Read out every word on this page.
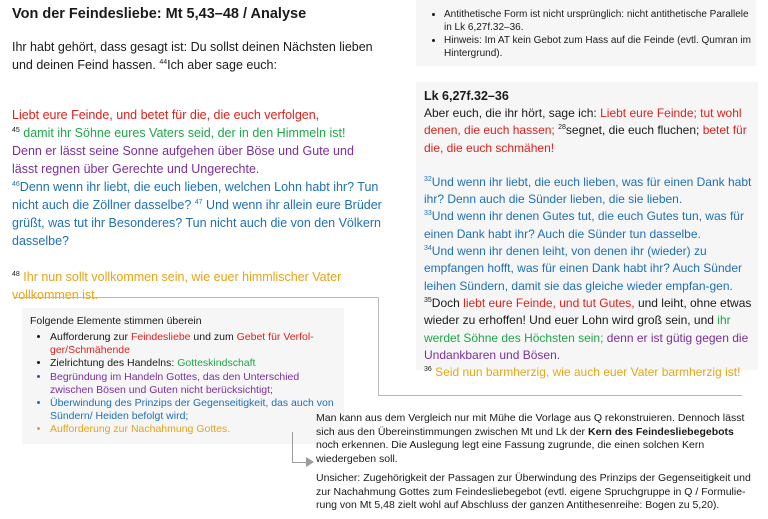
Von der Feindesliebe: Mt 5,43–48 / Analyse
Ihr habt gehört, dass gesagt ist: Du sollst deinen Nächsten lieben und deinen Feind hassen. $^{44}$Ich aber sage euch:

Liebt eure Feinde, und betet für die, die euch verfolgen,
$^{45}$ damit ihr Söhne eures Vaters seid, der in den Himmeln ist!
Denn er lässt seine Sonne aufgehen über Böse und Gute und lässt regnen über Gerechte und Ungerechte.
$^{46}$Denn wenn ihr liebt, die euch lieben, welchen Lohn habt ihr? Tun nicht auch die Zöllner dasselbe? $^{47}$ Und wenn ihr allein eure Brüder grüßt, was tut ihr Besonderes? Tun nicht auch die von den Völkern dasselbe?

$^{48}$ Ihr nun sollt vollkommen sein, wie euer himmlischer Vater vollkommen ist.

• Antithetische Form ist nicht ursprünglich: nicht antithetische Parallele in Lk 6,27f.32–36.
• Hinweis: Im AT kein Gebot zum Hass auf die Feinde (evtl. Qumran im Hintergrund).
Lk 6,27f.32–36

Aber euch, die ihr hört, sage ich: Liebt eure Feinde; tut wohl denen, die euch hassen; $^{28}$segnet, die euch fluchen; betet für die, die euch schmähen!

$^{32}$Und wenn ihr liebt, die euch lieben, was für einen Dank habt ihr? Denn auch die Sünder lieben, die sie lieben.
$^{33}$Und wenn ihr denen Gutes tut, die euch Gutes tun, was für einen Dank habt ihr? Auch die Sünder tun dasselbe.
$^{34}$Und wenn ihr denen leiht, von denen ihr (wieder) zu empfangen hofft, was für einen Dank habt ihr? Auch Sünder leihen Sündern, damit sie das gleiche wieder empfan-gen. $^{35}$Doch liebt eure Feinde, und tut Gutes, und leiht, ohne etwas wieder zu erhoffen! Und euer Lohn wird groß sein, und ihr werdet Söhne des Höchsten sein; denn er ist gütig gegen die Undankbaren und Bösen.
$^{36}$ Seid nun barmherzig, wie auch euer Vater barmherzig ist!

Folgende Elemente stimmen überein
• Aufforderung zur Feindesliebe und zum Gebet für Verfol-ger/Schmähende
• Zielrichtung des Handelns: Gotteskindschaft
• Begründung im Handeln Gottes, das den Unterschied zwischen Bösen und Guten nicht berücksichtigt;
• Überwindung des Prinzips der Gegenseitigkeit, das auch von Sündern/ Heiden befolgt wird;
• Aufforderung zur Nachahmung Gottes.

Man kann aus dem Vergleich nur mit Mühe die Vorlage aus Q rekonstruieren. Dennoch lässt sich aus den Übereinstimmungen zwischen Mt und Lk der Kern des Feindesliebegebots noch erkennen. Die Auslegung legt eine Fassung zugrunde, die einen solchen Kern wiedergeben soll.

Unsicher: Zugehörigkeit der Passagen zur Überwindung des Prinzips der Gegenseitigkeit und zur Nachahmung Gottes zum Feindesliebegebot (evtl. eigene Spruchgruppe in Q / Formulie-rung von Mt 5,48 zielt wohl auf Abschluss der ganzen Antithesenreihe: Bogen zu 5,20).
